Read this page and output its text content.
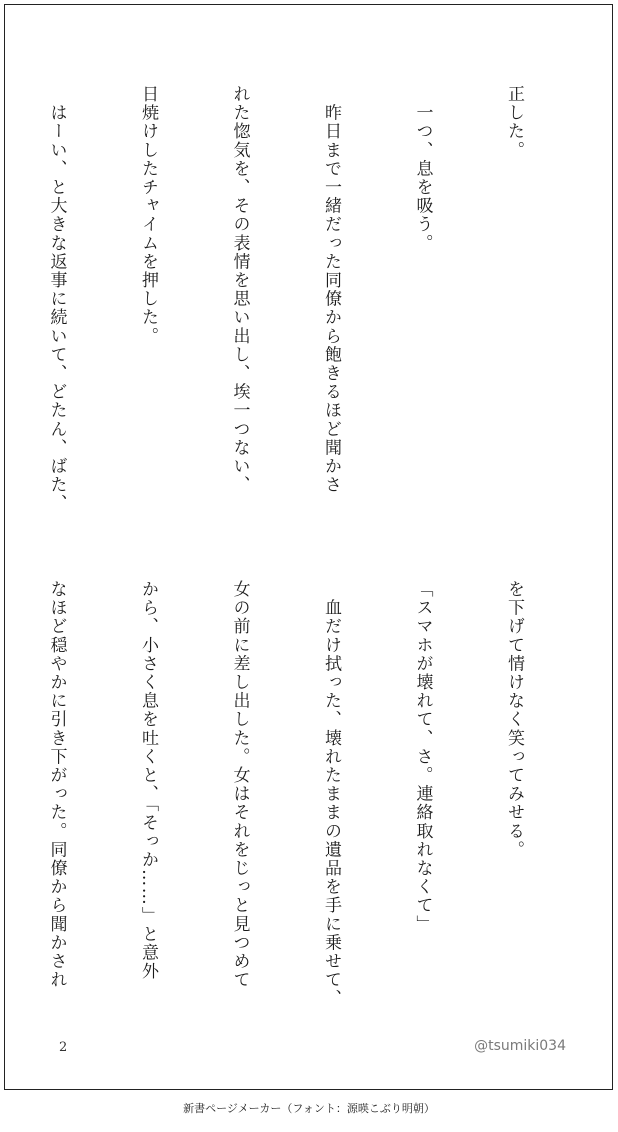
正した。

　一つ、息を吸う。

　昨日まで一緒だった同僚から飽きるほど聞かさ

れた惚気を、その表情を思い出し、埃一つない、

日焼けしたチャイムを押した。

　はーい、と大きな返事に続いて、どたん、ばた、

を下げて情けなく笑ってみせる。

「スマホが壊れて、さ。連絡取れなくて」

　血だけ拭った、壊れたままの遺品を手に乗せて、

女の前に差し出した。女はそれをじっと見つめて

から、小さく息を吐くと、「そっか……」と意外

なほど穏やかに引き下がった。同僚から聞かされ

2	@tsumiki034
新書ページメーカー（フォント：源暎こぶり明朝）
